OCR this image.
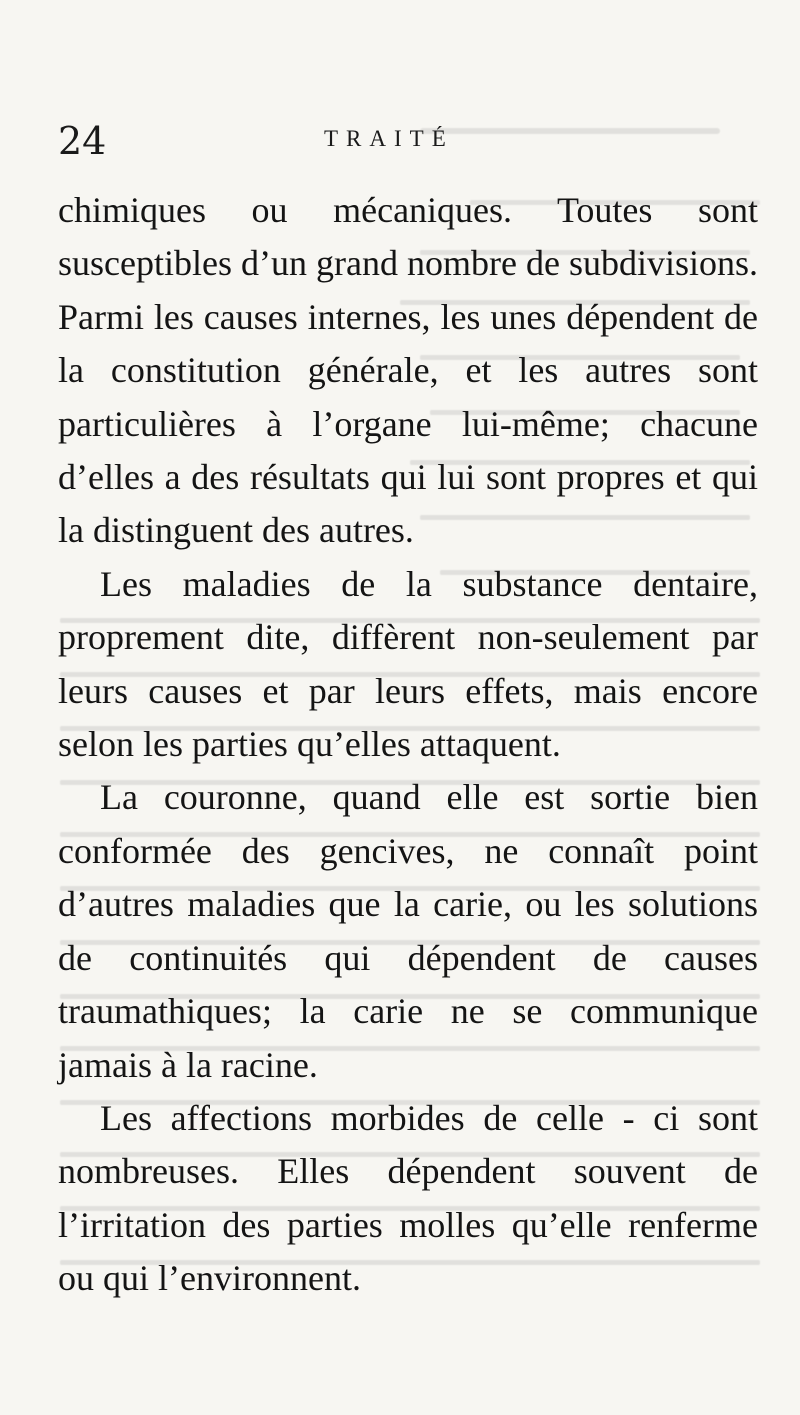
24	TRAITÉ

chimiques ou mécaniques. Toutes sont susceptibles d’un grand nombre de subdivisions. Parmi les causes internes, les unes dépendent de la constitution générale, et les autres sont particulières à l’organe lui-même; chacune d’elles a des résultats qui lui sont propres et qui la distinguent des autres.

Les maladies de la substance dentaire, proprement dite, diffèrent non-seulement par leurs causes et par leurs effets, mais encore selon les parties qu’elles attaquent.

La couronne, quand elle est sortie bien conformée des gencives, ne connaît point d’autres maladies que la carie, ou les solutions de continuités qui dépendent de causes traumathiques; la carie ne se communique jamais à la racine.

Les affections morbides de celle - ci sont nombreuses. Elles dépendent souvent de l’irritation des parties molles qu’elle renferme ou qui l’environnent.
